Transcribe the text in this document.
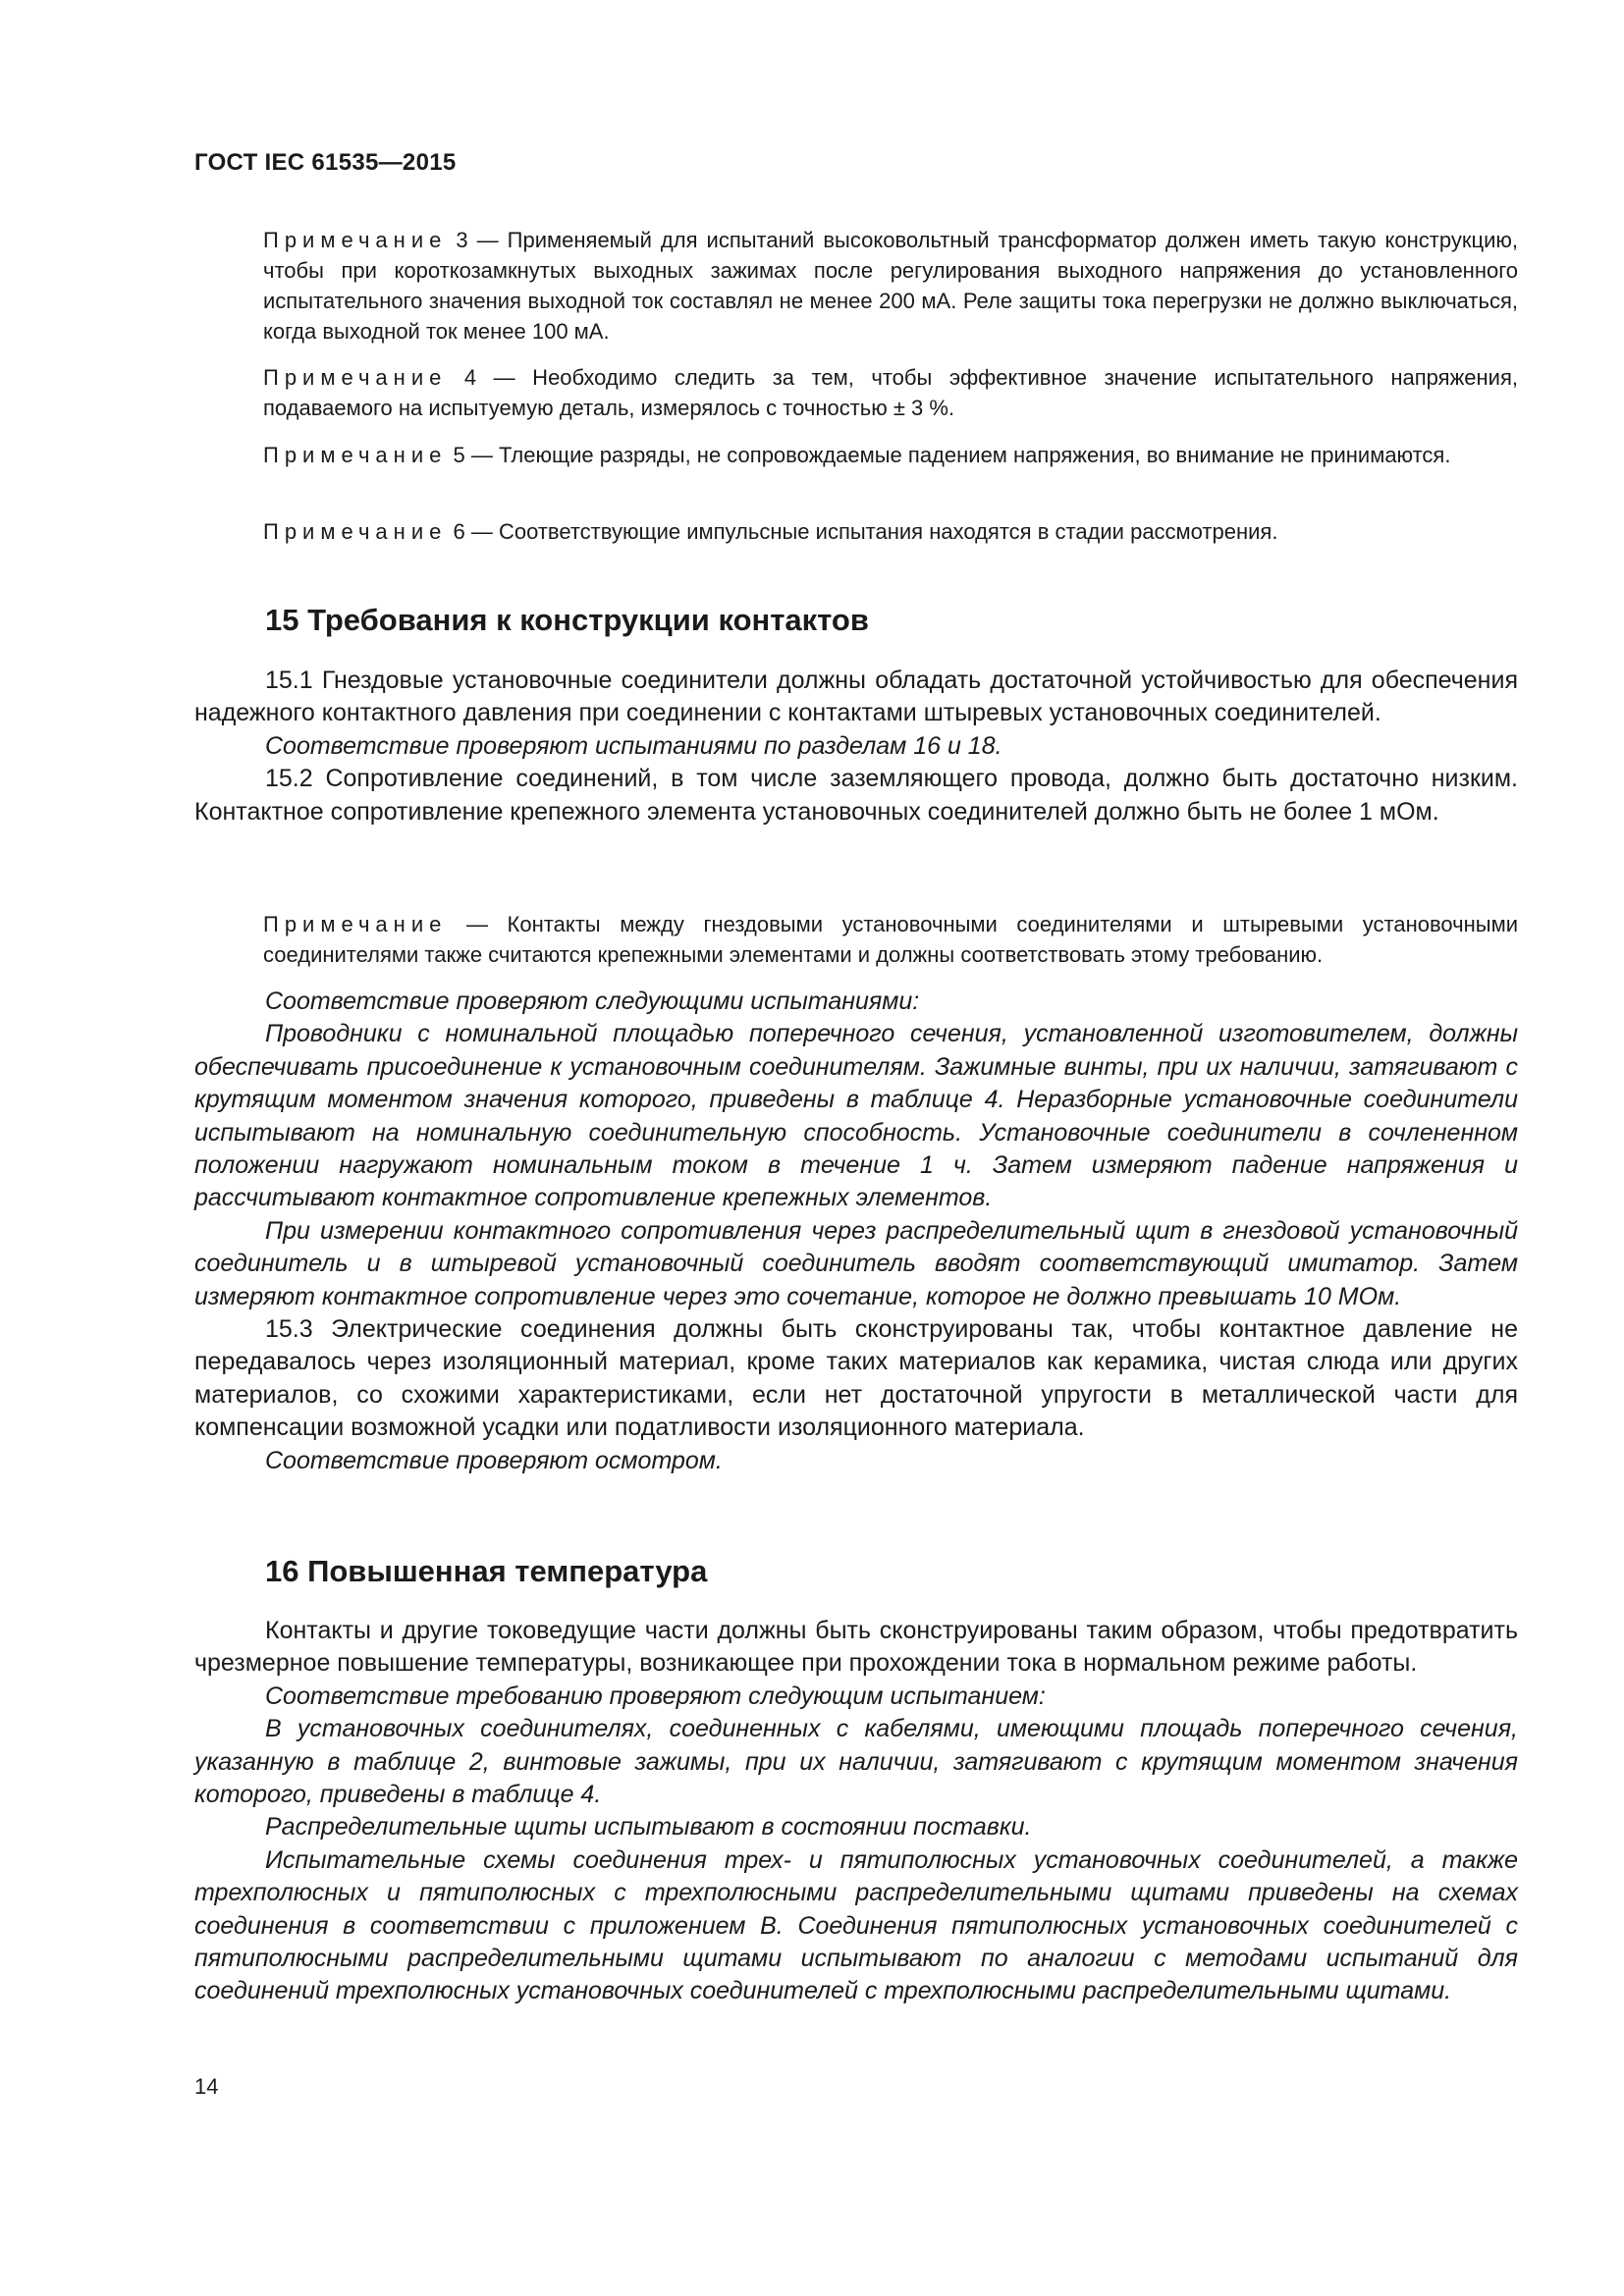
ГОСТ IEC 61535—2015
Примечание 3 — Применяемый для испытаний высоковольтный трансформатор должен иметь такую конструкцию, чтобы при короткозамкнутых выходных зажимах после регулирования выходного напряжения до установленного испытательного значения выходной ток составлял не менее 200 мА. Реле защиты тока перегрузки не должно выключаться, когда выходной ток менее 100 мА.
Примечание 4 — Необходимо следить за тем, чтобы эффективное значение испытательного напряжения, подаваемого на испытуемую деталь, измерялось с точностью ± 3 %.
Примечание 5 — Тлеющие разряды, не сопровождаемые падением напряжения, во внимание не принимаются.
Примечание 6 — Соответствующие импульсные испытания находятся в стадии рассмотрения.
15 Требования к конструкции контактов

15.1 Гнездовые установочные соединители должны обладать достаточной устойчивостью для обеспечения надежного контактного давления при соединении с контактами штыревых установочных соединителей.

Соответствие проверяют испытаниями по разделам 16 и 18.

15.2 Сопротивление соединений, в том числе заземляющего провода, должно быть достаточно низким. Контактное сопротивление крепежного элемента установочных соединителей должно быть не более 1 мОм.

Примечание — Контакты между гнездовыми установочными соединителями и штыревыми установочными соединителями также считаются крепежными элементами и должны соответствовать этому требованию.

Соответствие проверяют следующими испытаниями:

Проводники с номинальной площадью поперечного сечения, установленной изготовителем, должны обеспечивать присоединение к установочным соединителям. Зажимные винты, при их наличии, затягивают с крутящим моментом значения которого, приведены в таблице 4. Неразборные установочные соединители испытывают на номинальную соединительную способность. Установочные соединители в сочлененном положении нагружают номинальным током в течение 1 ч. Затем измеряют падение напряжения и рассчитывают контактное сопротивление крепежных элементов.

При измерении контактного сопротивления через распределительный щит в гнездовой установочный соединитель и в штыревой установочный соединитель вводят соответствующий имитатор. Затем измеряют контактное сопротивление через это сочетание, которое не должно превышать 10 МОм.

15.3 Электрические соединения должны быть сконструированы так, чтобы контактное давление не передавалось через изоляционный материал, кроме таких материалов как керамика, чистая слюда или других материалов, со схожими характеристиками, если нет достаточной упругости в металлической части для компенсации возможной усадки или податливости изоляционного материала.

Соответствие проверяют осмотром.

16 Повышенная температура

Контакты и другие токоведущие части должны быть сконструированы таким образом, чтобы предотвратить чрезмерное повышение температуры, возникающее при прохождении тока в нормальном режиме работы.

Соответствие требованию проверяют следующим испытанием:

В установочных соединителях, соединенных с кабелями, имеющими площадь поперечного сечения, указанную в таблице 2, винтовые зажимы, при их наличии, затягивают с крутящим моментом значения которого, приведены в таблице 4.

Распределительные щиты испытывают в состоянии поставки.

Испытательные схемы соединения трех- и пятиполюсных установочных соединителей, а также трехполюсных и пятиполюсных с трехполюсными распределительными щитами приведены на схемах соединения в соответствии с приложением В. Соединения пятиполюсных установочных соединителей с пятиполюсными распределительными щитами испытывают по аналогии с методами испытаний для соединений трехполюсных установочных соединителей с трехполюсными распределительными щитами.

14
